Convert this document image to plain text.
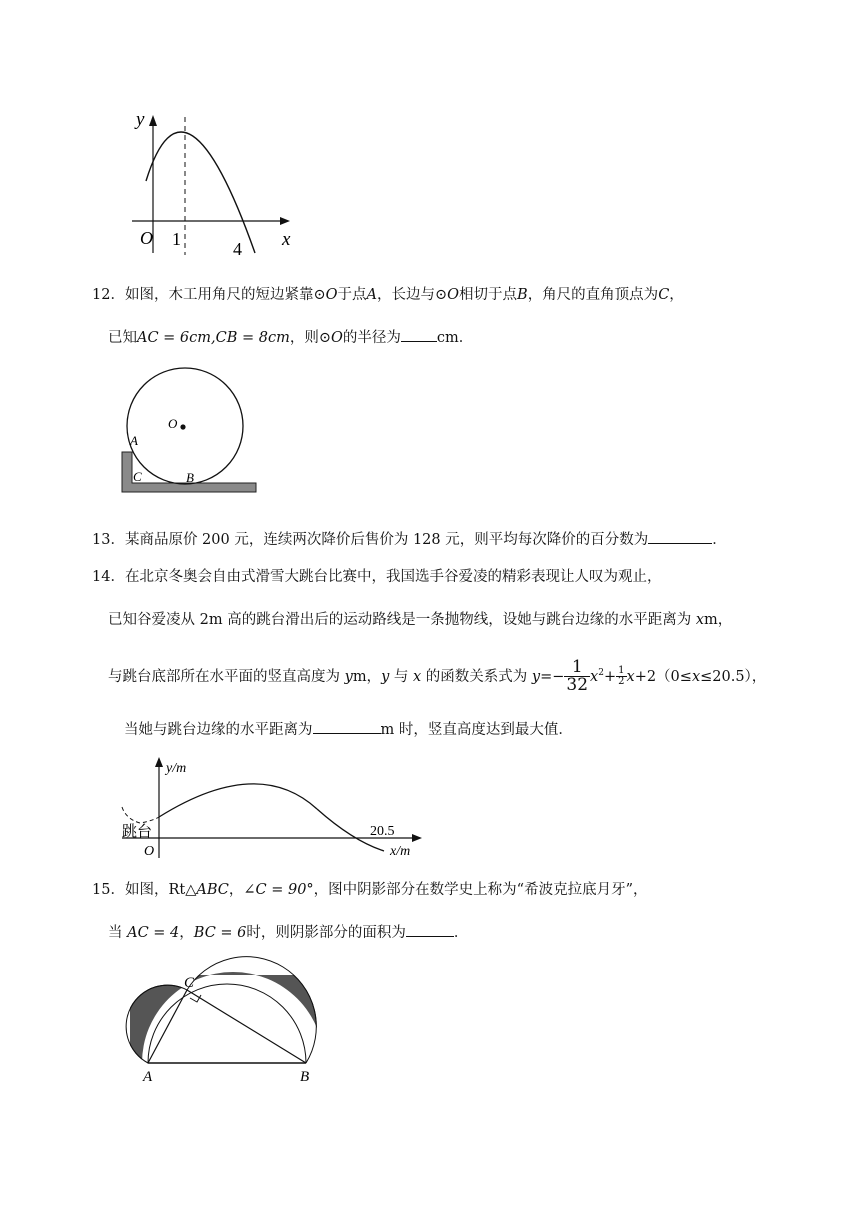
y
x
O 1	4
12．如图，木工用角尺的短边紧靠⊙O于点A，长边与⊙O相切于点B，角尺的直角顶点为C，
已知AC = 6cm,CB = 8cm，则⊙O的半径为 cm．
O
A
C	B
13．某商品原价 200 元，连续两次降价后售价为 128 元，则平均每次降价的百分数为	．
14．在北京冬奥会自由式滑雪大跳台比赛中，我国选手谷爱凌的精彩表现让人叹为观止，
已知谷爱凌从 2m 高的跳台滑出后的运动路线是一条抛物线，设她与跳台边缘的水平距离为 xm，
与跳台底部所在水平面的竖直高度为 ym，y 与 x 的函数关系式为 $y=- \frac{1}{32} x^2+ \frac{1}{2} x+2(0\le x\le 20.5)$，
当她与跳台边缘的水平距离为	m 时，竖直高度达到最大值．
y/m
x/m
O
跳台	20.5
15．如图，Rt△ABC，∠C = 90°，图中阴影部分在数学史上称为“希波克拉底月牙”，
当 AC = 4，BC = 6时，则阴影部分的面积为	．
A	B
C
